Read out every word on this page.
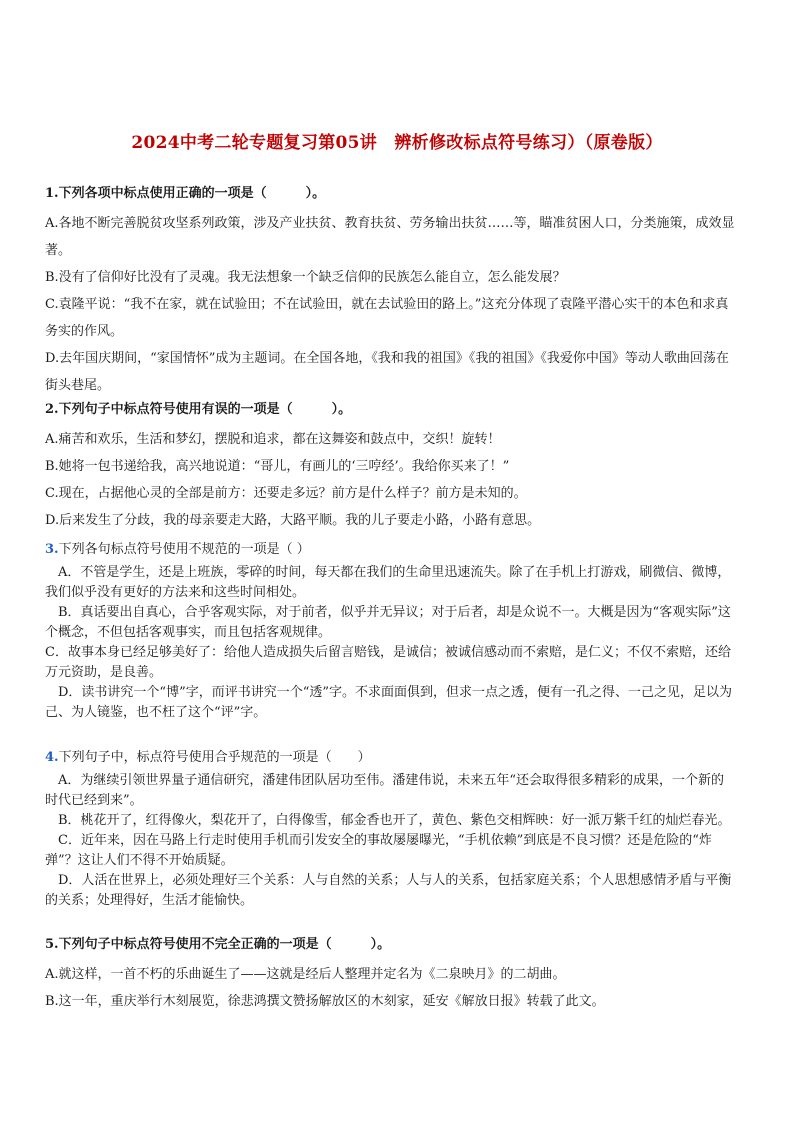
2024中考二轮专题复习第05讲　辨析修改标点符号练习）（原卷版）
1.下列各项中标点使用正确的一项是（　　　）。
A.各地不断完善脱贫攻坚系列政策，涉及产业扶贫、教育扶贫、劳务输出扶贫……等，瞄准贫困人口，分类施策，成效显著。
B.没有了信仰好比没有了灵魂。我无法想象一个缺乏信仰的民族怎么能自立，怎么能发展？
C.袁隆平说：“我不在家，就在试验田；不在试验田，就在去试验田的路上。”这充分体现了袁隆平潜心实干的本色和求真务实的作风。
D.去年国庆期间，“家国情怀”成为主题词。在全国各地，《我和我的祖国》《我的祖国》《我爱你中国》等动人歌曲回荡在街头巷尾。
2.下列句子中标点符号使用有误的一项是（　　　）。
A.痛苦和欢乐，生活和梦幻，摆脱和追求，都在这舞姿和鼓点中，交织！旋转！
B.她将一包书递给我，高兴地说道：“哥儿，有画儿的‘三哼经’。我给你买来了！”
C.现在，占据他心灵的全部是前方：还要走多远？前方是什么样子？前方是未知的。
D.后来发生了分歧，我的母亲要走大路，大路平顺。我的儿子要走小路，小路有意思。
3.下列各句标点符号使用不规范的一项是（ ）
A．不管是学生，还是上班族，零碎的时间，每天都在我们的生命里迅速流失。除了在手机上打游戏，刷微信、微博，我们似乎没有更好的方法来和这些时间相处。
B．真话要出自真心，合乎客观实际，对于前者，似乎并无异议；对于后者，却是众说不一。大概是因为“客观实际”这个概念，不但包括客观事实，而且包括客观规律。
C．故事本身已经足够美好了：给他人造成损失后留言赔钱，是诚信；被诚信感动而不索赔，是仁义；不仅不索赔，还给万元资助，是良善。
D．读书讲究一个“博”字，而评书讲究一个“透”字。不求面面俱到，但求一点之透，便有一孔之得、一己之见，足以为己、为人镜鉴，也不枉了这个“评”字。
4.下列句子中，标点符号使用合乎规范的一项是（　　）
A．为继续引领世界量子通信研究，潘建伟团队居功至伟。潘建伟说，未来五年“还会取得很多精彩的成果，一个新的时代已经到来”。
B．桃花开了，红得像火，梨花开了，白得像雪，郁金香也开了，黄色、紫色交相辉映：好一派万紫千红的灿烂春光。
C．近年来，因在马路上行走时使用手机而引发安全的事故屡屡曝光，“手机依赖”到底是不良习惯？还是危险的“炸弹”？这让人们不得不开始质疑。
D．人活在世界上，必须处理好三个关系：人与自然的关系；人与人的关系，包括家庭关系；个人思想感情矛盾与平衡的关系；处理得好，生活才能愉快。
5.下列句子中标点符号使用不完全正确的一项是（　　　）。
A.就这样，一首不朽的乐曲诞生了——这就是经后人整理并定名为《二泉映月》的二胡曲。
B.这一年，重庆举行木刻展览，徐悲鸿撰文赞扬解放区的木刻家，延安《解放日报》转载了此文。
